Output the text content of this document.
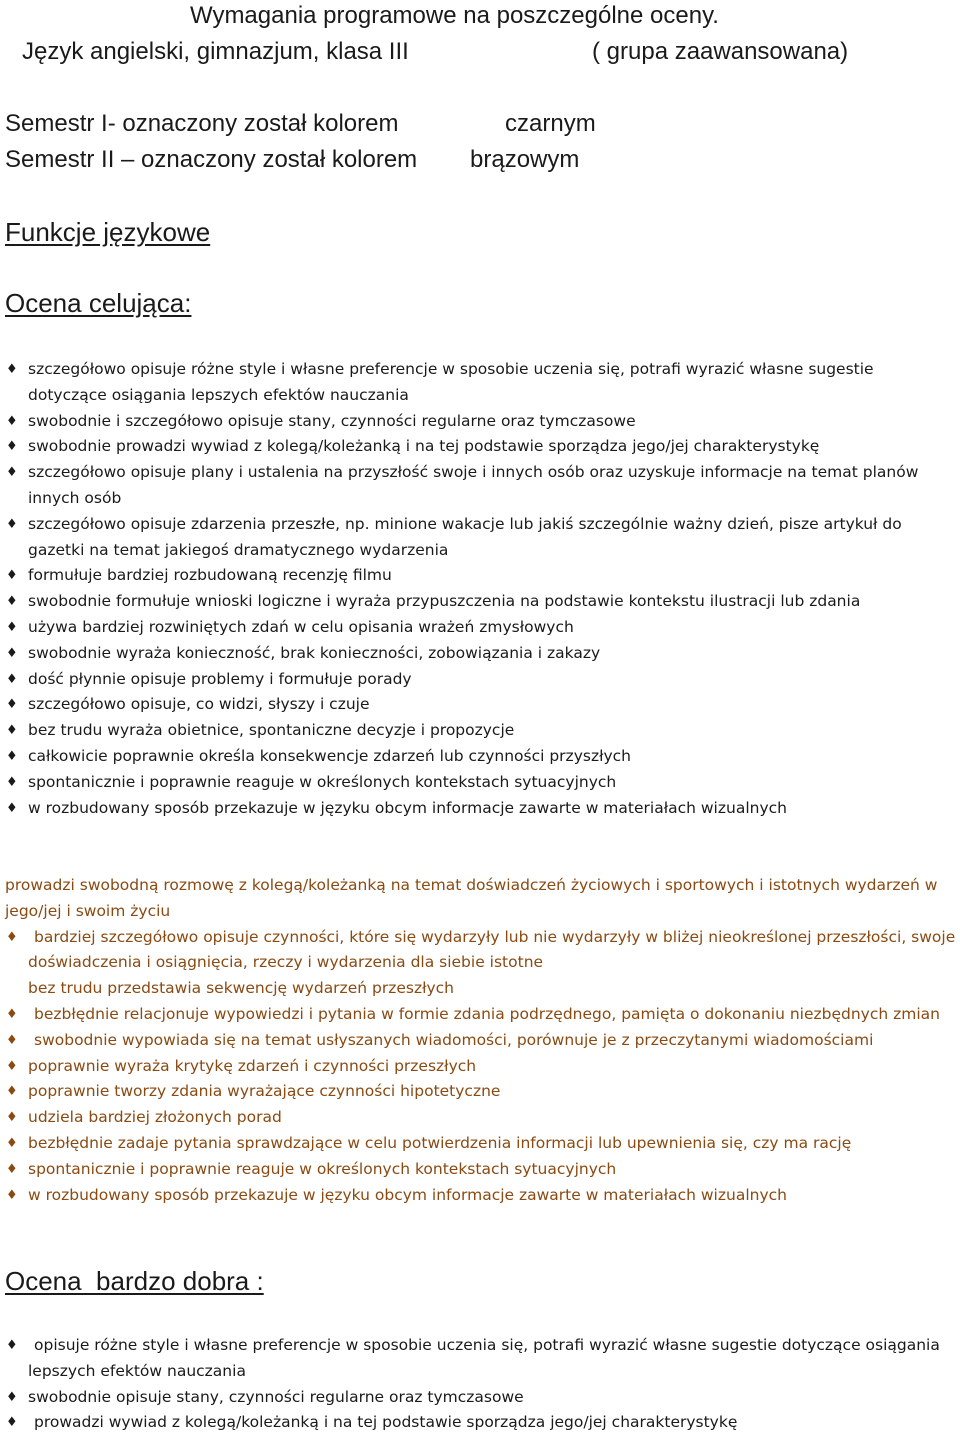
Wymagania programowe na poszczególne oceny.
Język angielski, gimnazjum, klasa III	( grupa zaawansowana)
Semestr I- oznaczony został kolorem	czarnym
Semestr II – oznaczony został kolorem brązowym
Funkcje językowe
Ocena celująca:
♦ szczegółowo opisuje różne style i własne preferencje w sposobie uczenia się, potrafi wyrazić własne sugestie dotyczące osiągania lepszych efektów nauczania
♦ swobodnie i szczegółowo opisuje stany, czynności regularne oraz tymczasowe
♦ swobodnie prowadzi wywiad z kolegą/koleżanką i na tej podstawie sporządza jego/jej charakterystykę
♦ szczegółowo opisuje plany i ustalenia na przyszłość swoje i innych osób oraz uzyskuje informacje na temat planów innych osób
♦ szczegółowo opisuje zdarzenia przeszłe, np. minione wakacje lub jakiś szczególnie ważny dzień, pisze artykuł do gazetki na temat jakiegoś dramatycznego wydarzenia
♦ formułuje bardziej rozbudowaną recenzję filmu
♦ swobodnie formułuje wnioski logiczne i wyraża przypuszczenia na podstawie kontekstu ilustracji lub zdania
♦ używa bardziej rozwiniętych zdań w celu opisania wrażeń zmysłowych
♦ swobodnie wyraża konieczność, brak konieczności, zobowiązania i zakazy
♦ dość płynnie opisuje problemy i formułuje porady
♦ szczegółowo opisuje, co widzi, słyszy i czuje
♦ bez trudu wyraża obietnice, spontaniczne decyzje i propozycje
♦ całkowicie poprawnie określa konsekwencje zdarzeń lub czynności przyszłych
♦ spontanicznie i poprawnie reaguje w określonych kontekstach sytuacyjnych
♦ w rozbudowany sposób przekazuje w języku obcym informacje zawarte w materiałach wizualnych
prowadzi swobodną rozmowę z kolegą/koleżanką na temat doświadczeń życiowych i sportowych i istotnych wydarzeń w jego/jej i swoim życiu
♦ bardziej szczegółowo opisuje czynności, które się wydarzyły lub nie wydarzyły w bliżej nieokreślonej przeszłości, swoje doświadczenia i osiągnięcia, rzeczy i wydarzenia dla siebie istotne
bez trudu przedstawia sekwencję wydarzeń przeszłych
♦ bezbłędnie relacjonuje wypowiedzi i pytania w formie zdania podrzędnego, pamięta o dokonaniu niezbędnych zmian
♦ swobodnie wypowiada się na temat usłyszanych wiadomości, porównuje je z przeczytanymi wiadomościami
♦ poprawnie wyraża krytykę zdarzeń i czynności przeszłych
♦ poprawnie tworzy zdania wyrażające czynności hipotetyczne
♦ udziela bardziej złożonych porad
♦ bezbłędnie zadaje pytania sprawdzające w celu potwierdzenia informacji lub upewnienia się, czy ma rację
♦ spontanicznie i poprawnie reaguje w określonych kontekstach sytuacyjnych
♦ w rozbudowany sposób przekazuje w języku obcym informacje zawarte w materiałach wizualnych
Ocena  bardzo dobra :
♦ opisuje różne style i własne preferencje w sposobie uczenia się, potrafi wyrazić własne sugestie dotyczące osiągania lepszych efektów nauczania
♦ swobodnie opisuje stany, czynności regularne oraz tymczasowe
♦ prowadzi wywiad z kolegą/koleżanką i na tej podstawie sporządza jego/jej charakterystykę
